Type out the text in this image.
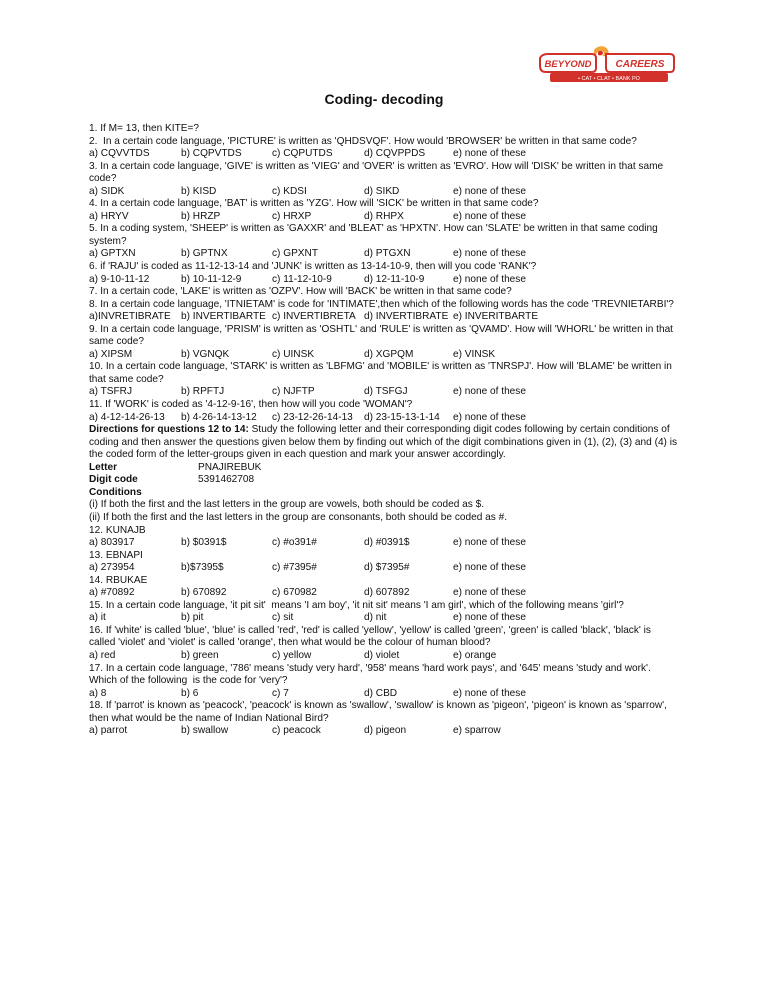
BEYYOND CAREERS
• CAT • CLAT • BANK PO
Coding- decoding
1. If M= 13, then KITE=?
2.  In a certain code language, 'PICTURE' is written as 'QHDSVQF'. How would 'BROWSER' be written in that same code?
a) CQVVTDS	b) CQPVTDS	c) CQPUTDS	d) CQVPPDS	e) none of these
3. In a certain code language, 'GIVE' is written as 'VIEG' and 'OVER' is written as 'EVRO'. How will 'DISK' be written in that same
code?
a) SIDK	b) KISD	c) KDSI	d) SIKD	e) none of these
4. In a certain code language, 'BAT' is written as 'YZG'. How will 'SICK' be written in that same code?
a) HRYV	b) HRZP	c) HRXP	d) RHPX	e) none of these
5. In a coding system, 'SHEEP' is written as 'GAXXR' and 'BLEAT' as 'HPXTN'. How can 'SLATE' be written in that same coding
system?
a) GPTXN	b) GPTNX	c) GPXNT	d) PTGXN	e) none of these
6. if 'RAJU' is coded as 11-12-13-14 and 'JUNK' is written as 13-14-10-9, then will you code 'RANK'?
a) 9-10-11-12	b) 10-11-12-9	c) 11-12-10-9	d) 12-11-10-9	e) none of these
7. In a certain code, 'LAKE' is written as 'OZPV'. How will 'BACK' be written in that same code?
8. In a certain code language, 'ITNIETAM' is code for 'INTIMATE',then which of the following words has the code 'TREVNIETARBI'?
a)INVRETIBRATE b) INVERTIBARTE c) INVERTIBRETA d) INVERTIBRATE e) INVERITBARTE
9. In a certain code language, 'PRISM' is written as 'OSHTL' and 'RULE' is written as 'QVAMD'. How will 'WHORL' be written in that
same code?
a) XIPSM	b) VGNQK	c) UINSK	d) XGPQM	e) VINSK
10. In a certain code language, 'STARK' is written as 'LBFMG' and 'MOBILE' is written as 'TNRSPJ'. How will 'BLAME' be written in
that same code?
a) TSFRJ	b) RPFTJ	c) NJFTP	d) TSFGJ	e) none of these
11. If 'WORK' is coded as '4-12-9-16', then how will you code 'WOMAN'?
a) 4-12-14-26-13 b) 4-26-14-13-12 c) 23-12-26-14-13 d) 23-15-13-1-14 e) none of these
Directions for questions 12 to 14: Study the following letter and their corresponding digit codes following by certain conditions of
coding and then answer the questions given below them by finding out which of the digit combinations given in (1), (2), (3) and (4) is
the coded form of the letter-groups given in each question and mark your answer accordingly.
Letter	PNAJIREBUK
Digit code	5391462708
Conditions
(i) If both the first and the last letters in the group are vowels, both should be coded as $.
(ii) If both the first and the last letters in the group are consonants, both should be coded as #.
12. KUNAJB
a) 803917	b) $0391$	c) #o391#	d) #0391$	e) none of these
13. EBNAPI
a) 273954	b)$7395$	c) #7395#	d) $7395#	e) none of these
14. RBUKAE
a) #70892	b) 670892	c) 670982	d) 607892	e) none of these
15. In a certain code language, 'it pit sit'  means 'I am boy', 'it nit sit' means 'I am girl', which of the following means 'girl'?
a) it	b) pit	c) sit	d) nit	e) none of these
16. If 'white' is called 'blue', 'blue' is called 'red', 'red' is called 'yellow', 'yellow' is called 'green', 'green' is called 'black', 'black' is
called 'violet' and 'violet' is called 'orange', then what would be the colour of human blood?
a) red	b) green	c) yellow	d) violet	e) orange
17. In a certain code language, '786' means 'study very hard', '958' means 'hard work pays', and '645' means 'study and work'.
Which of the following  is the code for 'very'?
a) 8	b) 6	c) 7	d) CBD	e) none of these
18. If 'parrot' is known as 'peacock', 'peacock' is known as 'swallow', 'swallow' is known as 'pigeon', 'pigeon' is known as 'sparrow',
then what would be the name of Indian National Bird?
a) parrot	b) swallow	c) peacock	d) pigeon	e) sparrow
